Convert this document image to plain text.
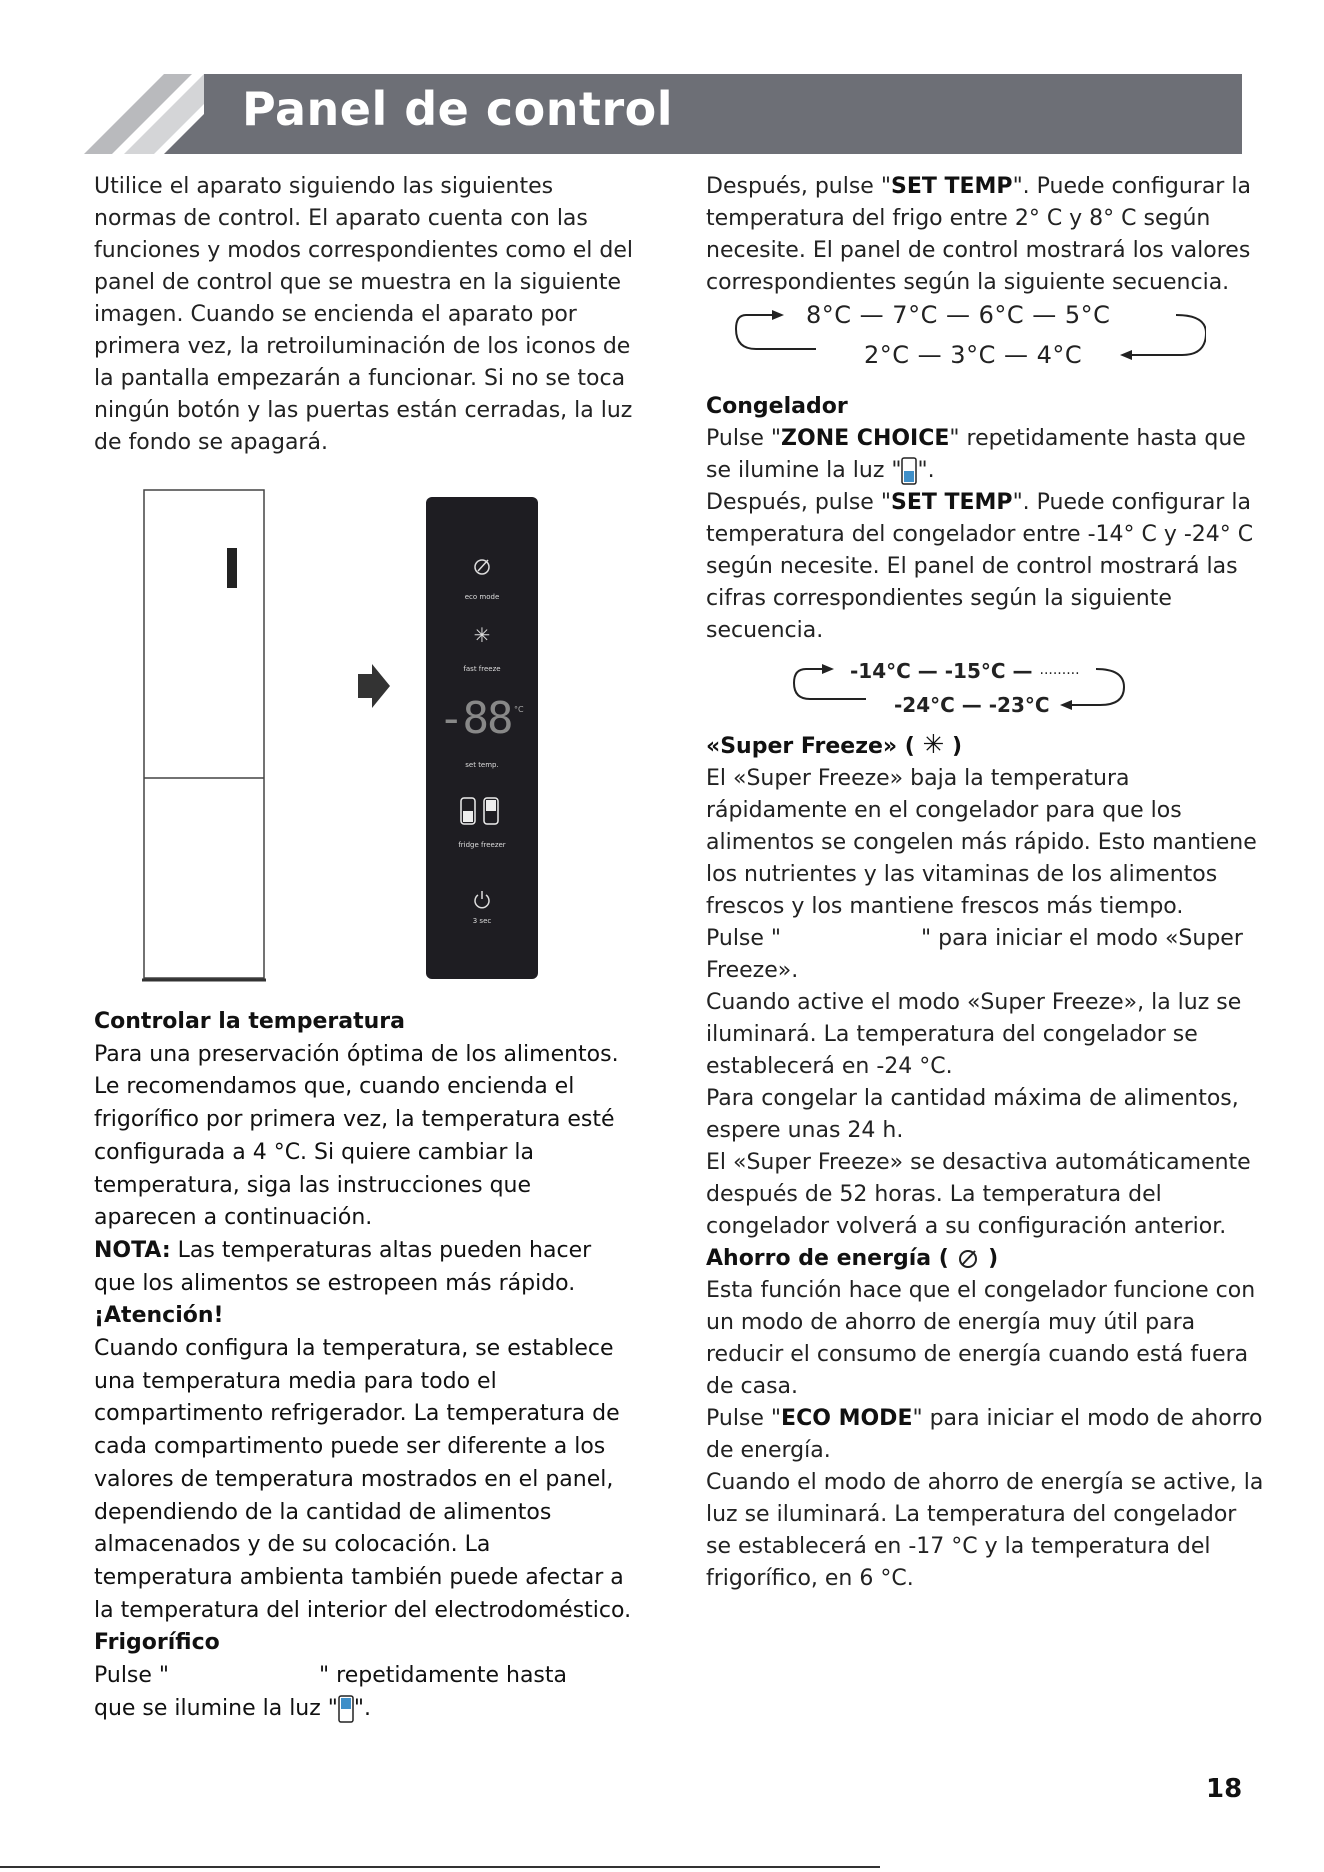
Panel de control

Utilice el aparato siguiendo las siguientes normas de control. El aparato cuenta con las funciones y modos correspondientes como el del panel de control que se muestra en la siguiente imagen. Cuando se encienda el aparato por primera vez, la retroiluminación de los iconos de la pantalla empezarán a funcionar. Si no se toca ningún botón y las puertas están cerradas, la luz de fondo se apagará.

eco mode
✳
fast freeze
-88 °C
set temp.
fridge freezer
3 sec

Controlar la temperatura

Para una preservación óptima de los alimentos. Le recomendamos que, cuando encienda el frigorífico por primera vez, la temperatura esté configurada a 4 °C. Si quiere cambiar la temperatura, siga las instrucciones que aparecen a continuación.

NOTA: Las temperaturas altas pueden hacer que los alimentos se estropeen más rápido.

¡Atención!

Cuando configura la temperatura, se establece una temperatura media para todo el compartimento refrigerador. La temperatura de cada compartimento puede ser diferente a los valores de temperatura mostrados en el panel, dependiendo de la cantidad de alimentos almacenados y de su colocación. La temperatura ambienta también puede afectar a la temperatura del interior del electrodoméstico.

Frigorífico

Pulse "	" repetidamente hasta

que se ilumine la luz " ".

Después, pulse "SET TEMP". Puede configurar la temperatura del frigo entre 2° C y 8° C según necesite. El panel de control mostrará los valores correspondientes según la siguiente secuencia.

8°C — 7°C — 6°C — 5°C
2°C — 3°C — 4°C

Congelador

Pulse "ZONE CHOICE" repetidamente hasta que se ilumine la luz " ".

Después, pulse "SET TEMP". Puede configurar la temperatura del congelador entre -14° C y -24° C según necesite. El panel de control mostrará las cifras correspondientes según la siguiente secuencia.

-14°C — -15°C — ·········
-24°C — -23°C

«Super Freeze» ( ✳ )

El «Super Freeze» baja la temperatura rápidamente en el congelador para que los alimentos se congelen más rápido. Esto mantiene los nutrientes y las vitaminas de los alimentos frescos y los mantiene frescos más tiempo.

Pulse "	" para iniciar el modo «Super Freeze».

Cuando active el modo «Super Freeze», la luz se iluminará. La temperatura del congelador se establecerá en -24 °C.

Para congelar la cantidad máxima de alimentos, espere unas 24 h.

El «Super Freeze» se desactiva automáticamente después de 52 horas. La temperatura del congelador volverá a su configuración anterior.

Ahorro de energía ( )

Esta función hace que el congelador funcione con un modo de ahorro de energía muy útil para reducir el consumo de energía cuando está fuera de casa.

Pulse "ECO MODE" para iniciar el modo de ahorro de energía.

Cuando el modo de ahorro de energía se active, la luz se iluminará. La temperatura del congelador se establecerá en -17 °C y la temperatura del frigorífico, en 6 °C.

18
